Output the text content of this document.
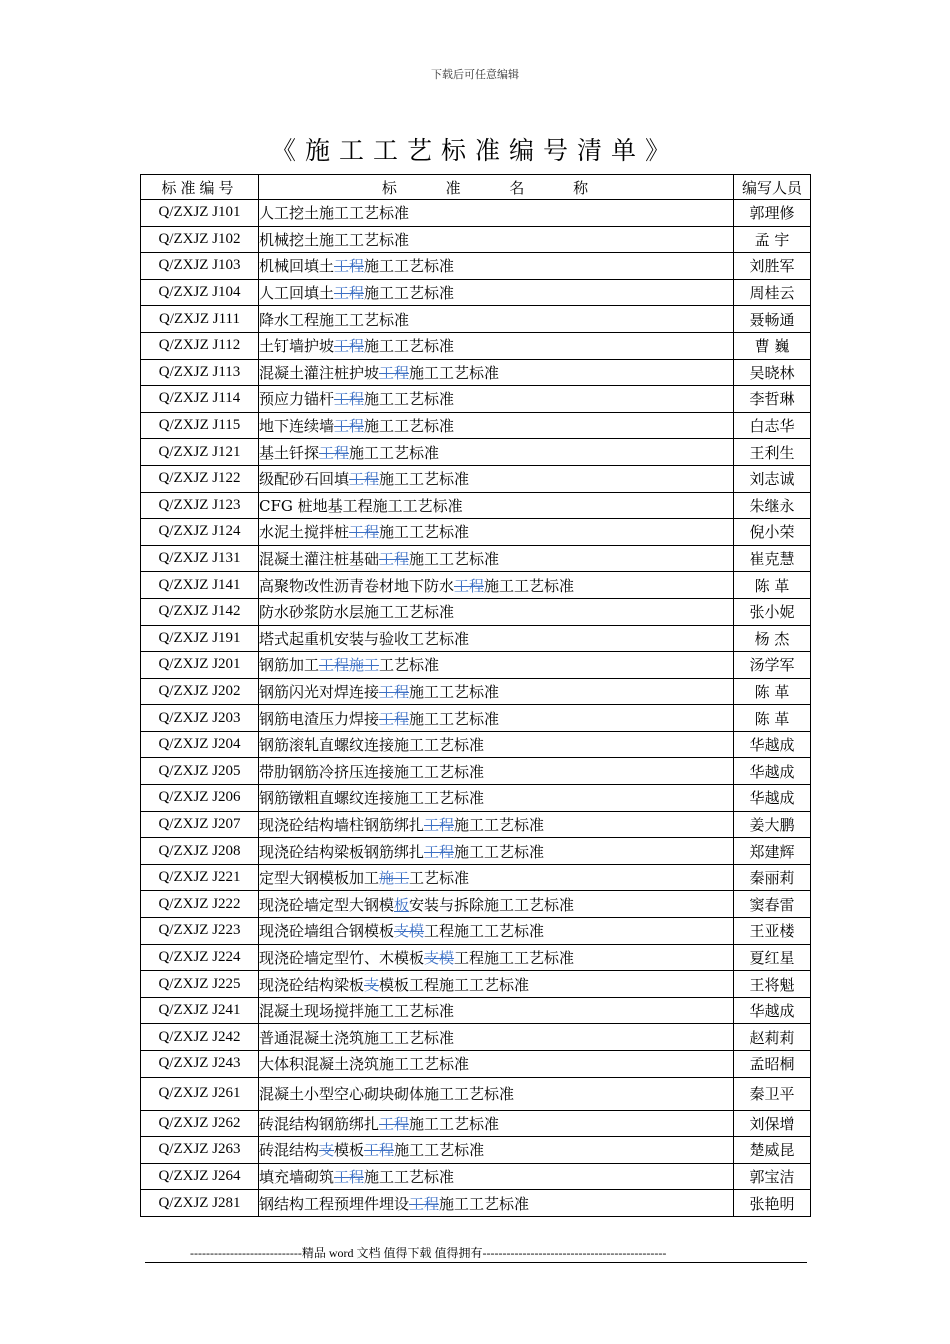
下载后可任意编辑
《施工工艺标准编号清单》
标准编号	标 准 名 称	编写人员
Q/ZXJZ J101	人工挖土施工工艺标准	郭理修
Q/ZXJZ J102	机械挖土施工工艺标准	孟 宇
Q/ZXJZ J103	机械回填土工程施工工艺标准	刘胜军
Q/ZXJZ J104	人工回填土工程施工工艺标准	周桂云
Q/ZXJZ J111	降水工程施工工艺标准	聂畅通
Q/ZXJZ J112	土钉墙护坡工程施工工艺标准	曹 巍
Q/ZXJZ J113	混凝土灌注桩护坡工程施工工艺标准	吴晓林
Q/ZXJZ J114	预应力锚杆工程施工工艺标准	李哲琳
Q/ZXJZ J115	地下连续墙工程施工工艺标准	白志华
Q/ZXJZ J121	基土钎探工程施工工艺标准	王利生
Q/ZXJZ J122	级配砂石回填工程施工工艺标准	刘志诚
Q/ZXJZ J123	CFG 桩地基工程施工工艺标准	朱继永
Q/ZXJZ J124	水泥土搅拌桩工程施工工艺标准	倪小荣
Q/ZXJZ J131	混凝土灌注桩基础工程施工工艺标准	崔克慧
Q/ZXJZ J141	高聚物改性沥青卷材地下防水工程施工工艺标准	陈 革
Q/ZXJZ J142	防水砂浆防水层施工工艺标准	张小妮
Q/ZXJZ J191	塔式起重机安装与验收工艺标准	杨 杰
Q/ZXJZ J201	钢筋加工工程施工工艺标准	汤学军
Q/ZXJZ J202	钢筋闪光对焊连接工程施工工艺标准	陈 革
Q/ZXJZ J203	钢筋电渣压力焊接工程施工工艺标准	陈 革
Q/ZXJZ J204	钢筋滚轧直螺纹连接施工工艺标准	华越成
Q/ZXJZ J205	带肋钢筋冷挤压连接施工工艺标准	华越成
Q/ZXJZ J206	钢筋镦粗直螺纹连接施工工艺标准	华越成
Q/ZXJZ J207	现浇砼结构墙柱钢筋绑扎工程施工工艺标准	姜大鹏
Q/ZXJZ J208	现浇砼结构梁板钢筋绑扎工程施工工艺标准	郑建辉
Q/ZXJZ J221	定型大钢模板加工施工工艺标准	秦丽莉
Q/ZXJZ J222	现浇砼墙定型大钢模板安装与拆除施工工艺标准	窦春雷
Q/ZXJZ J223	现浇砼墙组合钢模板支模工程施工工艺标准	王亚楼
Q/ZXJZ J224	现浇砼墙定型竹、木模板支模工程施工工艺标准	夏红星
Q/ZXJZ J225	现浇砼结构梁板支模板工程施工工艺标准	王将魁
Q/ZXJZ J241	混凝土现场搅拌施工工艺标准	华越成
Q/ZXJZ J242	普通混凝土浇筑施工工艺标准	赵莉莉
Q/ZXJZ J243	大体积混凝土浇筑施工工艺标准	孟昭桐
Q/ZXJZ J261	混凝土小型空心砌块砌体施工工艺标准	秦卫平
Q/ZXJZ J262	砖混结构钢筋绑扎工程施工工艺标准	刘保增
Q/ZXJZ J263	砖混结构支模板工程施工工艺标准	楚威昆
Q/ZXJZ J264	填充墙砌筑工程施工工艺标准	郭宝洁
Q/ZXJZ J281	钢结构工程预埋件埋设工程施工工艺标准	张艳明
----------------------------精品 word 文档 值得下载 值得拥有----------------------------------------------
